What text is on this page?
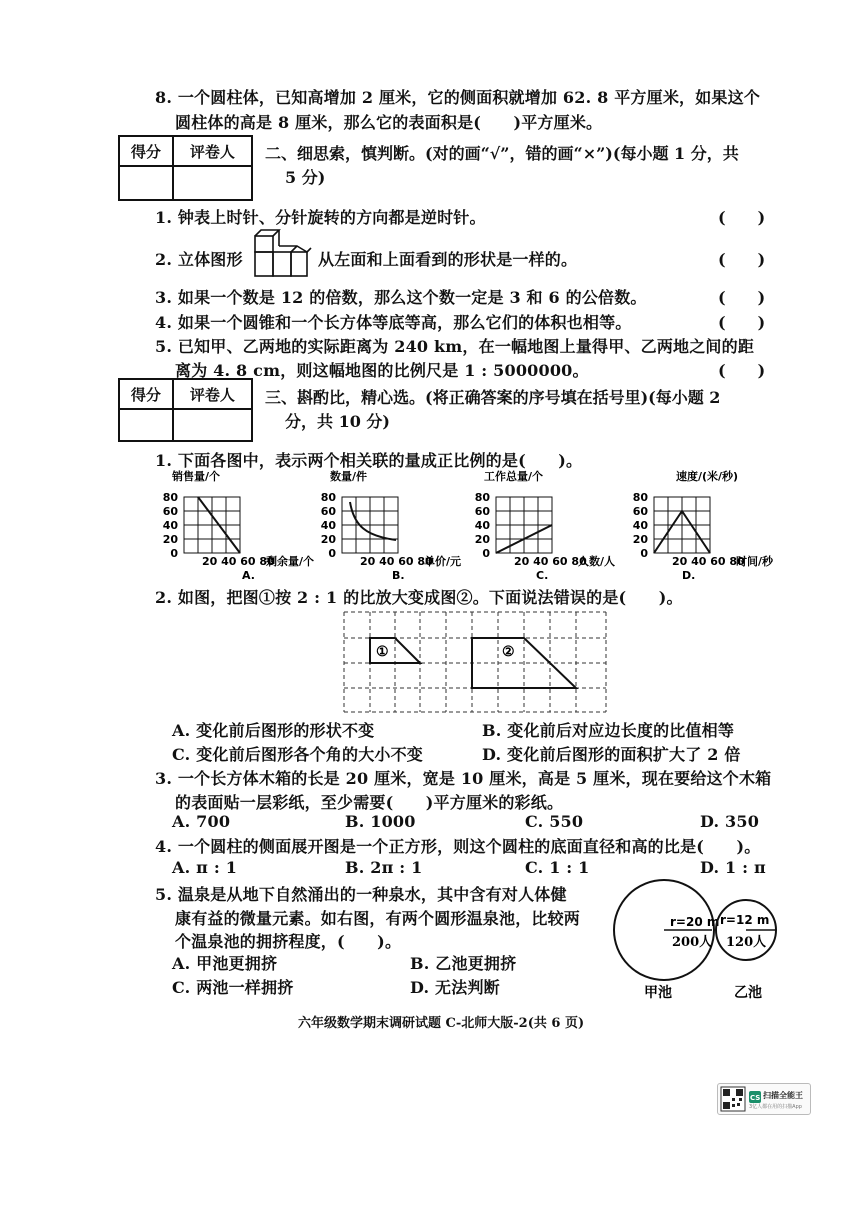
8. 一个圆柱体，已知高增加 2 厘米，它的侧面积就增加 62. 8 平方厘米，如果这个
圆柱体的高是 8 厘米，那么它的表面积是(　　)平方厘米。
得分	评卷人
	二、细思索，慎判断。(对的画“√”，错的画“×”)(每小题 1 分，共
5 分)
1. 钟表上时针、分针旋转的方向都是逆时针。	(　　)
2. 立体图形	从左面和上面看到的形状是一样的。	(　　)
3. 如果一个数是 12 的倍数，那么这个数一定是 3 和 6 的公倍数。	(　　)
4. 如果一个圆锥和一个长方体等底等高，那么它们的体积也相等。	(　　)
5. 已知甲、乙两地的实际距离为 240 km，在一幅地图上量得甲、乙两地之间的距
离为 4. 8 cm，则这幅地图的比例尺是 1 : 5000000。	(　　)
得分	评卷人
	三、斟酌比，精心选。(将正确答案的序号填在括号里)(每小题 2
分，共 10 分)
1. 下面各图中，表示两个相关联的量成正比例的是(　　)。
销售量/个
80
60
40
20
0
20 40 60 80
剩余量/个
A.
数量/件
80
60
40
20
0
20 40 60 80
单价/元
B.
工作总量/个
80
60
40
20
0
20 40 60 80
人数/人
C.
速度/(米/秒)
80
60
40
20
0
20 40 60 80
时间/秒
D.
2. 如图，把图①按 2 : 1 的比放大变成图②。下面说法错误的是(　　)。
①	②
A. 变化前后图形的形状不变	B. 变化前后对应边长度的比值相等
C. 变化前后图形各个角的大小不变	D. 变化前后图形的面积扩大了 2 倍
3. 一个长方体木箱的长是 20 厘米，宽是 10 厘米，高是 5 厘米，现在要给这个木箱
的表面贴一层彩纸，至少需要(　　)平方厘米的彩纸。
A. 700	B. 1000	C. 550	D. 350
4. 一个圆柱的侧面展开图是一个正方形，则这个圆柱的底面直径和高的比是(　　)。
A. π : 1	B. 2π : 1	C. 1 : 1	D. 1 : π
5. 温泉是从地下自然涌出的一种泉水，其中含有对人体健
康有益的微量元素。如右图，有两个圆形温泉池，比较两
个温泉池的拥挤程度，(　　)。
A. 甲池更拥挤	B. 乙池更拥挤
C. 两池一样拥挤	D. 无法判断
r=20 m
200人
甲池
r=12 m
120人
乙池
六年级数学期末调研试题 C-北师大版-2(共 6 页)
CS 扫描全能王
3亿人都在用的扫描App
